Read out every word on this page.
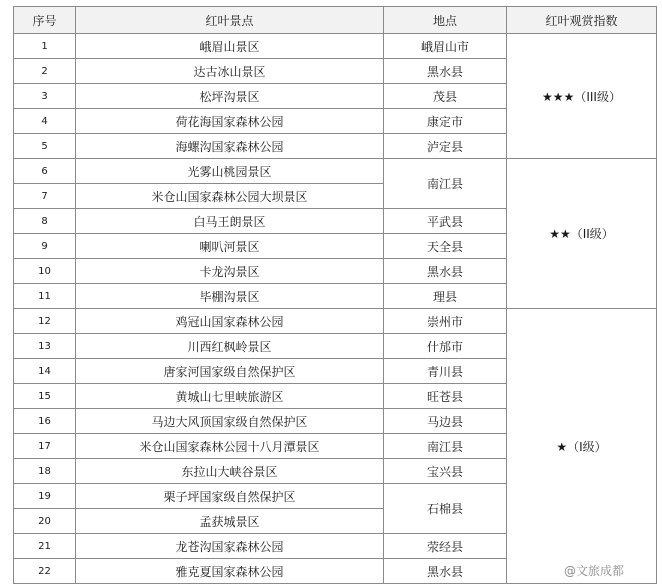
序号	红叶景点	地点	红叶观赏指数
1	峨眉山景区	峨眉山市	★★★（III级）
2	达古冰山景区	黑水县	
3	松坪沟景区	茂县	
4	荷花海国家森林公园	康定市	
5	海螺沟国家森林公园	泸定县	
6	光雾山桃园景区	南江县	★★（II级）
7	米仓山国家森林公园大坝景区		
8	白马王朗景区	平武县	
9	喇叭河景区	天全县	
10	卡龙沟景区	黑水县	
11	毕棚沟景区	理县	
12	鸡冠山国家森林公园	崇州市	★（I级）
13	川西红枫岭景区	什邡市	
14	唐家河国家级自然保护区	青川县	
15	黄城山七里峡旅游区	旺苍县	
16	马边大风顶国家级自然保护区	马边县	
17	米仓山国家森林公园十八月潭景区	南江县	
18	东拉山大峡谷景区	宝兴县	
19	栗子坪国家级自然保护区	石棉县	
20	孟获城景区		
21	龙苍沟国家森林公园	荥经县	
22	雅克夏国家森林公园	黑水县		@文旅成都
